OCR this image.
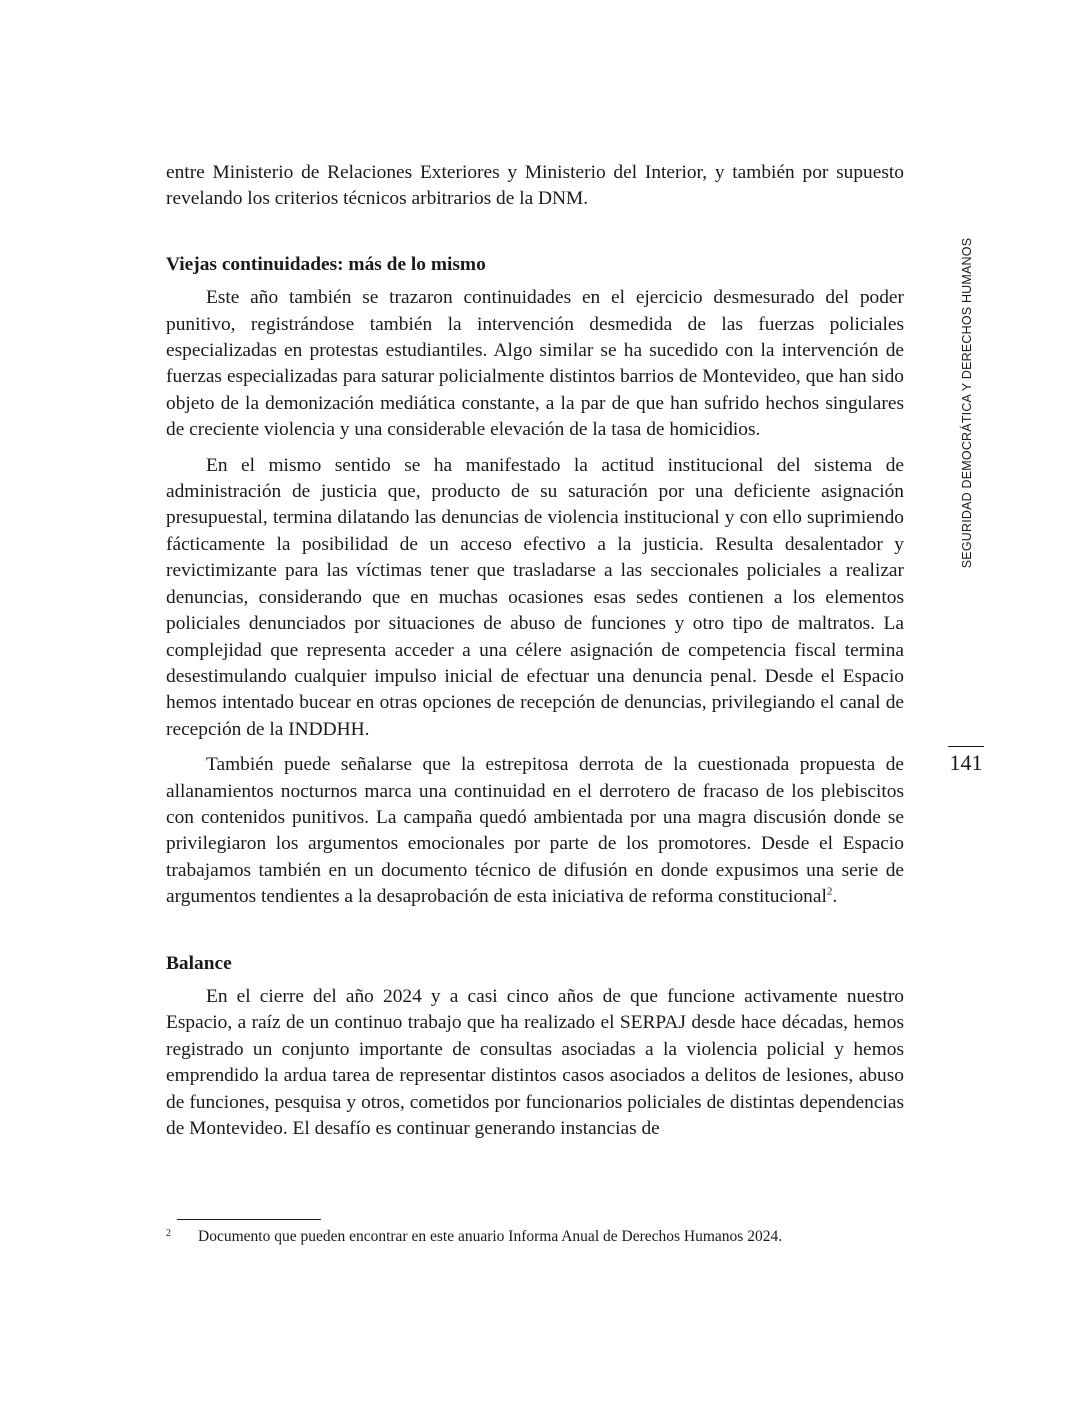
entre Ministerio de Relaciones Exteriores y Ministerio del Interior, y también por supuesto revelando los criterios técnicos arbitrarios de la DNM.

Viejas continuidades: más de lo mismo

Este año también se trazaron continuidades en el ejercicio desmesurado del poder punitivo, registrándose también la intervención desmedida de las fuerzas policiales especializadas en protestas estudiantiles. Algo similar se ha sucedido con la intervención de fuerzas especializadas para saturar policialmente distintos barrios de Montevideo, que han sido objeto de la demonización mediática constante, a la par de que han sufrido hechos singulares de creciente violencia y una considerable elevación de la tasa de homicidios.

En el mismo sentido se ha manifestado la actitud institucional del sistema de administración de justicia que, producto de su saturación por una deficiente asignación presupuestal, termina dilatando las denuncias de violencia institucional y con ello suprimiendo fácticamente la posibilidad de un acceso efectivo a la justicia. Resulta desalentador y revictimizante para las víctimas tener que trasladarse a las seccionales policiales a realizar denuncias, considerando que en muchas ocasiones esas sedes contienen a los elementos policiales denunciados por situaciones de abuso de funciones y otro tipo de maltratos. La complejidad que representa acceder a una célere asignación de competencia fiscal termina desestimulando cualquier impulso inicial de efectuar una denuncia penal. Desde el Espacio hemos intentado bucear en otras opciones de recepción de denuncias, privilegiando el canal de recepción de la INDDHH.

También puede señalarse que la estrepitosa derrota de la cuestionada propuesta de allanamientos nocturnos marca una continuidad en el derrotero de fracaso de los plebiscitos con contenidos punitivos. La campaña quedó ambientada por una magra discusión donde se privilegiaron los argumentos emocionales por parte de los promotores. Desde el Espacio trabajamos también en un documento técnico de difusión en donde expusimos una serie de argumentos tendientes a la desaprobación de esta iniciativa de reforma constitucional$^2$.

Balance

En el cierre del año 2024 y a casi cinco años de que funcione activamente nuestro Espacio, a raíz de un continuo trabajo que ha realizado el SERPAJ desde hace décadas, hemos registrado un conjunto importante de consultas asociadas a la violencia policial y hemos emprendido la ardua tarea de representar distintos casos asociados a delitos de lesiones, abuso de funciones, pesquisa y otros, cometidos por funcionarios policiales de distintas dependencias de Montevideo. El desafío es continuar generando instancias de

2 Documento que pueden encontrar en este anuario Informa Anual de Derechos Humanos 2024.
SEGURIDAD DEMOCRÁTICA Y DERECHOS HUMANOS
141
